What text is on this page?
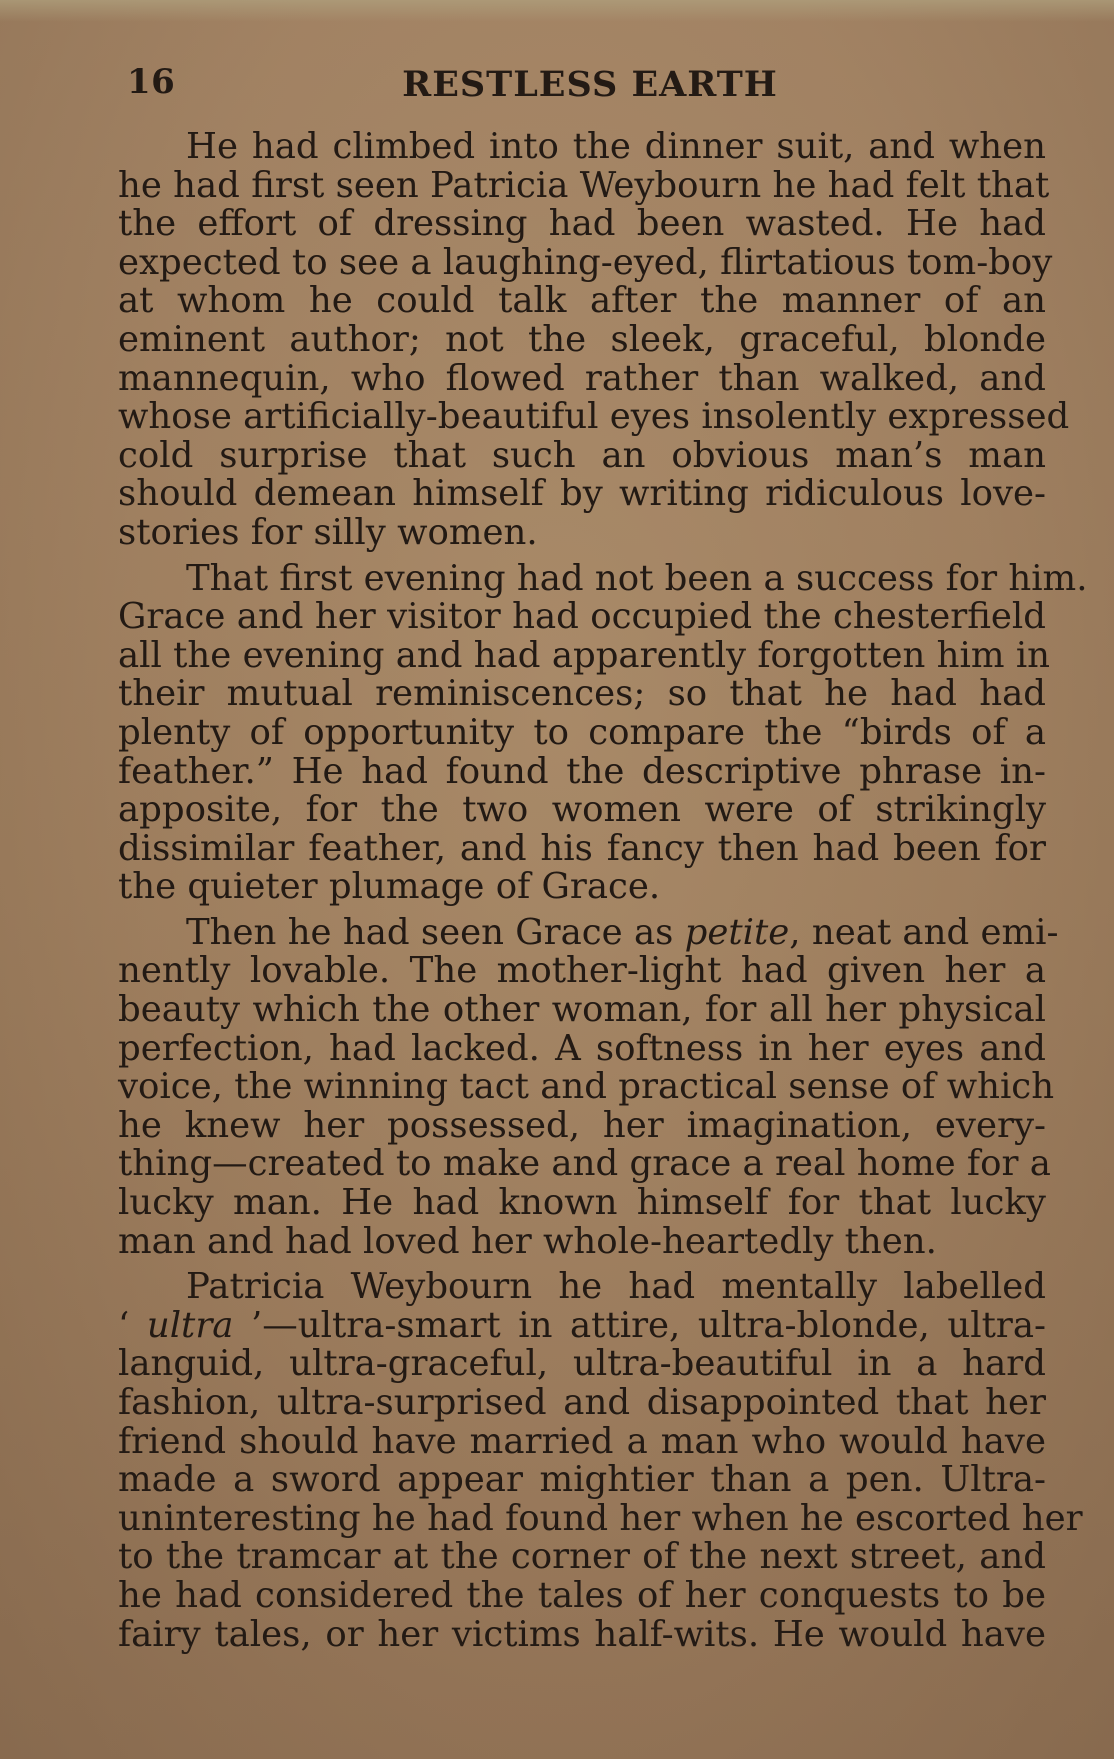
16	RESTLESS EARTH

He had climbed into the dinner suit, and when
he had first seen Patricia Weybourn he had felt that
the effort of dressing had been wasted. He had
expected to see a laughing-eyed, flirtatious tom-boy
at whom he could talk after the manner of an
eminent author; not the sleek, graceful, blonde
mannequin, who flowed rather than walked, and
whose artificially-beautiful eyes insolently expressed
cold surprise that such an obvious man’s man
should demean himself by writing ridiculous love-
stories for silly women.

That first evening had not been a success for him.
Grace and her visitor had occupied the chesterfield
all the evening and had apparently forgotten him in
their mutual reminiscences; so that he had had
plenty of opportunity to compare the “birds of a
feather.” He had found the descriptive phrase in-
apposite, for the two women were of strikingly
dissimilar feather, and his fancy then had been for
the quieter plumage of Grace.

Then he had seen Grace as petite, neat and emi-
nently lovable. The mother-light had given her a
beauty which the other woman, for all her physical
perfection, had lacked. A softness in her eyes and
voice, the winning tact and practical sense of which
he knew her possessed, her imagination, every-
thing—created to make and grace a real home for a
lucky man. He had known himself for that lucky
man and had loved her whole-heartedly then.

Patricia Weybourn he had mentally labelled
‘ ultra ’—ultra-smart in attire, ultra-blonde, ultra-
languid, ultra-graceful, ultra-beautiful in a hard
fashion, ultra-surprised and disappointed that her
friend should have married a man who would have
made a sword appear mightier than a pen. Ultra-
uninteresting he had found her when he escorted her
to the tramcar at the corner of the next street, and
he had considered the tales of her conquests to be
fairy tales, or her victims half-wits. He would have
